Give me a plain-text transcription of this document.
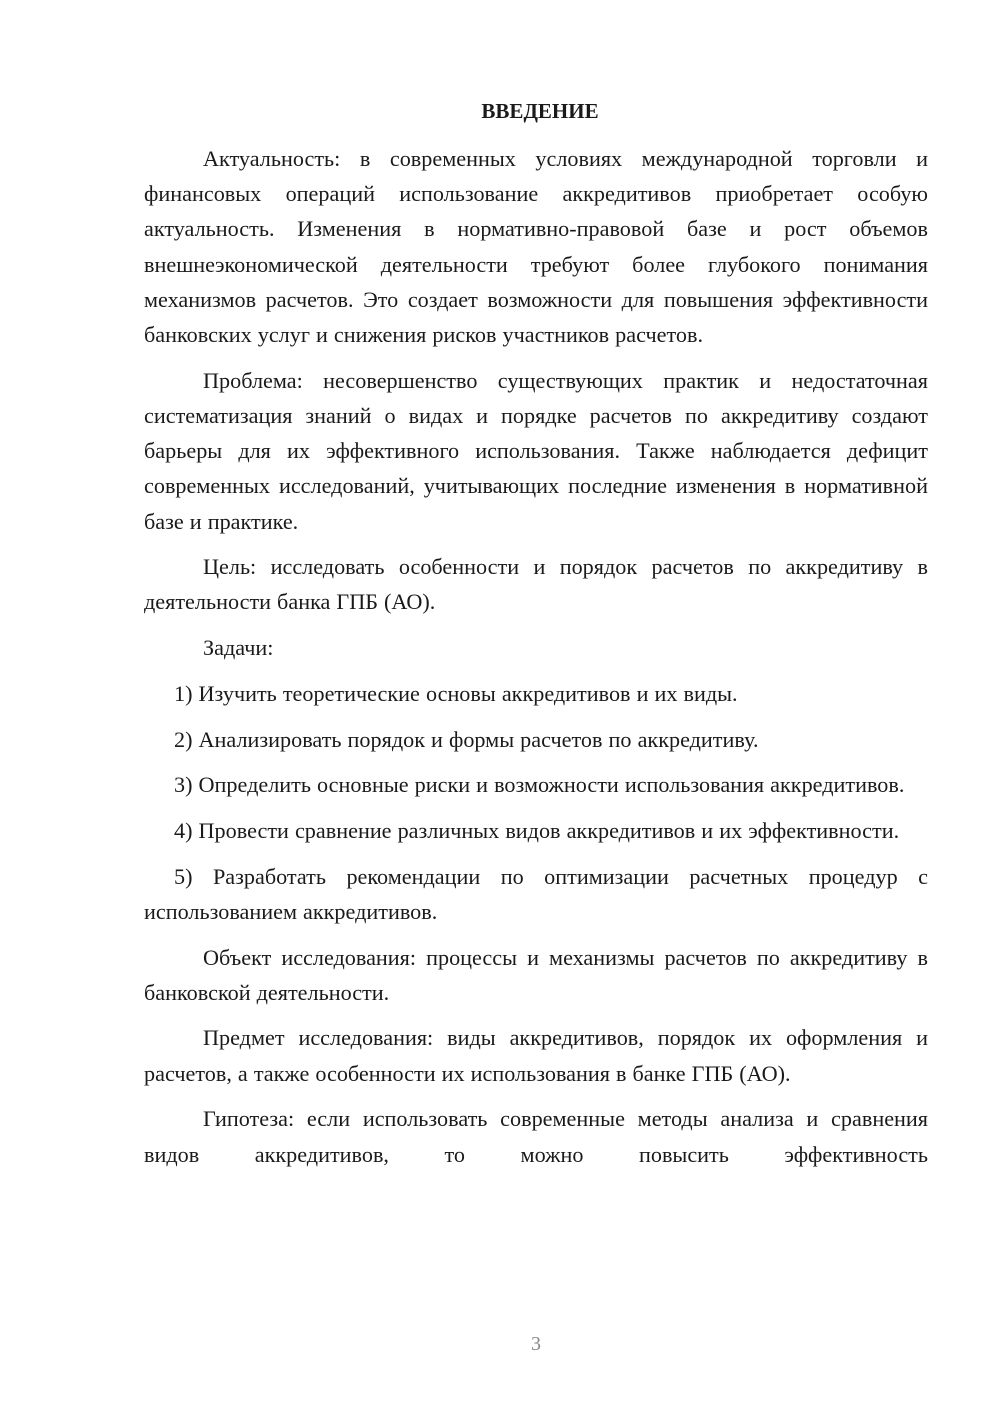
ВВЕДЕНИЕ

Актуальность: в современных условиях международной торговли и финансовых операций использование аккредитивов приобретает особую актуальность. Изменения в нормативно-правовой базе и рост объемов внешнеэкономической деятельности требуют более глубокого понимания механизмов расчетов. Это создает возможности для повышения эффективности банковских услуг и снижения рисков участников расчетов.

Проблема: несовершенство существующих практик и недостаточная систематизация знаний о видах и порядке расчетов по аккредитиву создают барьеры для их эффективного использования. Также наблюдается дефицит современных исследований, учитывающих последние изменения в нормативной базе и практике.

Цель: исследовать особенности и порядок расчетов по аккредитиву в деятельности банка ГПБ (АО).

Задачи:

1) Изучить теоретические основы аккредитивов и их виды.

2) Анализировать порядок и формы расчетов по аккредитиву.

3) Определить основные риски и возможности использования аккредитивов.

4) Провести сравнение различных видов аккредитивов и их эффективности.

5) Разработать рекомендации по оптимизации расчетных процедур с использованием аккредитивов.

Объект исследования: процессы и механизмы расчетов по аккредитиву в банковской деятельности.

Предмет исследования: виды аккредитивов, порядок их оформления и расчетов, а также особенности их использования в банке ГПБ (АО).

Гипотеза: если использовать современные методы анализа и сравнения видов аккредитивов, то можно повысить эффективность

3
